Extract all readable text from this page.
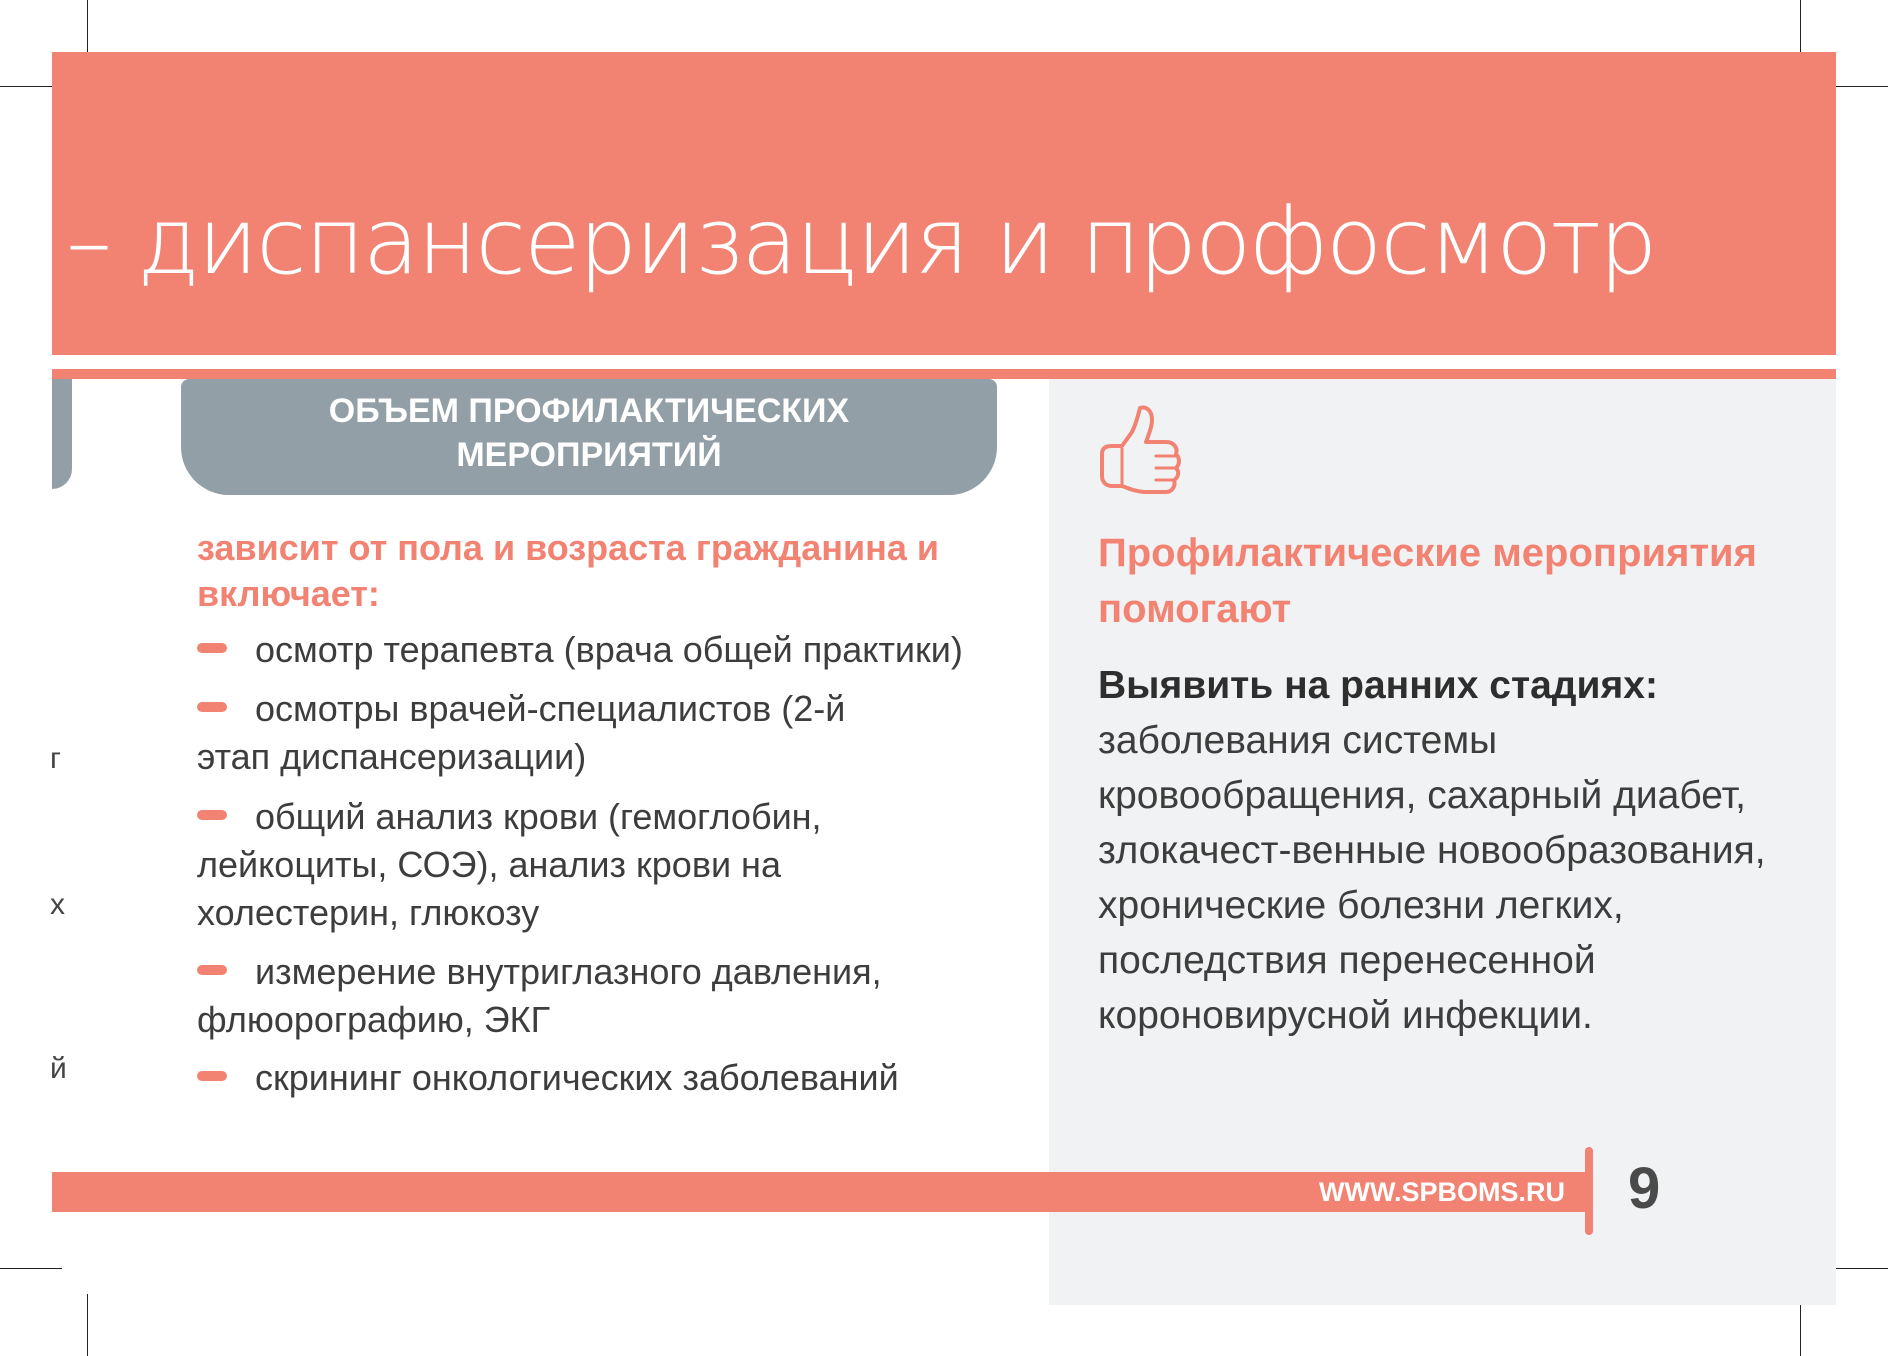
– диспансеризация и профосмотр
ОБЪЕМ ПРОФИЛАКТИЧЕСКИХ
МЕРОПРИЯТИЙ
зависит от пола и возраста гражданина и включает:
осмотр терапевта (врача общей практики)
осмотры врачей-специалистов (2-й этап диспансеризации)
общий анализ крови (гемоглобин, лейкоциты, СОЭ), анализ крови на холестерин, глюкозу
измерение внутриглазного давления, флюорографию, ЭКГ
скрининг онкологических заболеваний
г
х
й
Профилактические мероприятия помогают
Выявить на ранних стадиях: заболевания системы кровообращения, сахарный диабет, злокачест-венные новообразования, хронические болезни легких, последствия перенесенной короновирусной инфекции.
WWW.SPBOMS.RU 9
